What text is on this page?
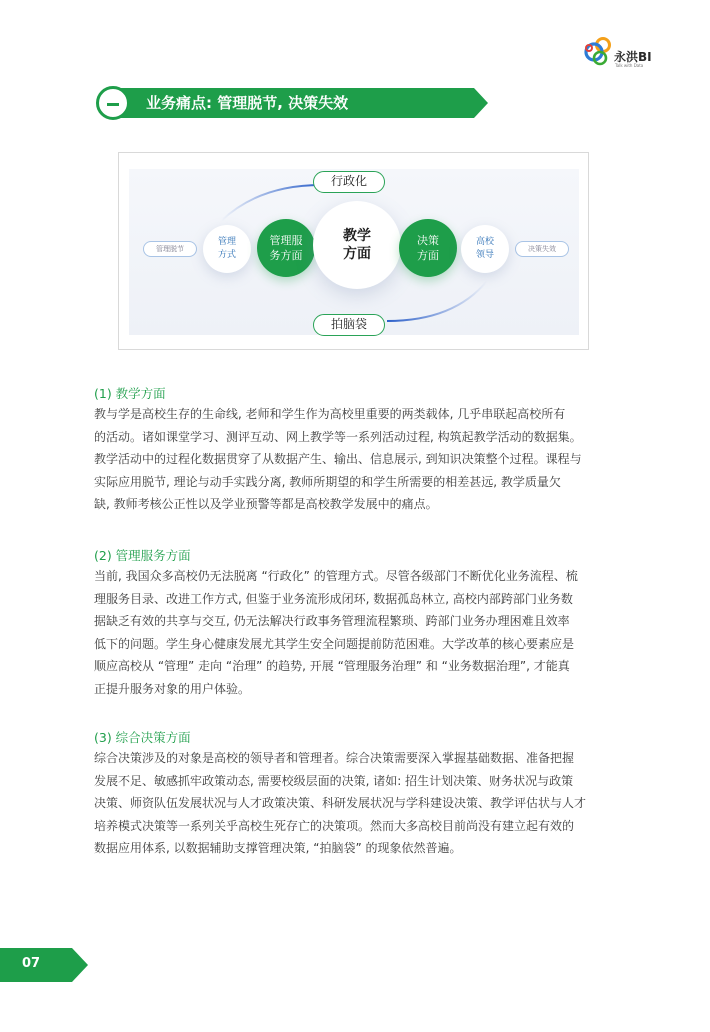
永洪BI
Talk with Data
业务痛点: 管理脱节, 决策失效
管理脱节	决策失效
管理
方式
管理服
务方面
教学
方面
决策
方面
高校
领导
行政化
拍脑袋
(1) 教学方面

教与学是高校生存的生命线, 老师和学生作为高校里重要的两类载体, 几乎串联起高校所有

的活动。诸如课堂学习、测评互动、网上教学等一系列活动过程, 构筑起教学活动的数据集。

教学活动中的过程化数据贯穿了从数据产生、输出、信息展示, 到知识决策整个过程。课程与

实际应用脱节, 理论与动手实践分离, 教师所期望的和学生所需要的相差甚远, 教学质量欠

缺, 教师考核公正性以及学业预警等都是高校教学发展中的痛点。

(2) 管理服务方面

当前, 我国众多高校仍无法脱离 “行政化” 的管理方式。尽管各级部门不断优化业务流程、梳

理服务目录、改进工作方式, 但鉴于业务流形成闭环, 数据孤岛林立, 高校内部跨部门业务数

据缺乏有效的共享与交互, 仍无法解决行政事务管理流程繁琐、跨部门业务办理困难且效率

低下的问题。学生身心健康发展尤其学生安全问题提前防范困难。大学改革的核心要素应是

顺应高校从 “管理” 走向 “治理” 的趋势, 开展 “管理服务治理” 和 “业务数据治理”, 才能真

正提升服务对象的用户体验。

(3) 综合决策方面

综合决策涉及的对象是高校的领导者和管理者。综合决策需要深入掌握基础数据、准备把握

发展不足、敏感抓牢政策动态, 需要校级层面的决策, 诸如: 招生计划决策、财务状况与政策

决策、师资队伍发展状况与人才政策决策、科研发展状况与学科建设决策、教学评估状与人才

培养模式决策等一系列关乎高校生死存亡的决策项。然而大多高校目前尚没有建立起有效的

数据应用体系, 以数据辅助支撑管理决策, “拍脑袋” 的现象依然普遍。

07
